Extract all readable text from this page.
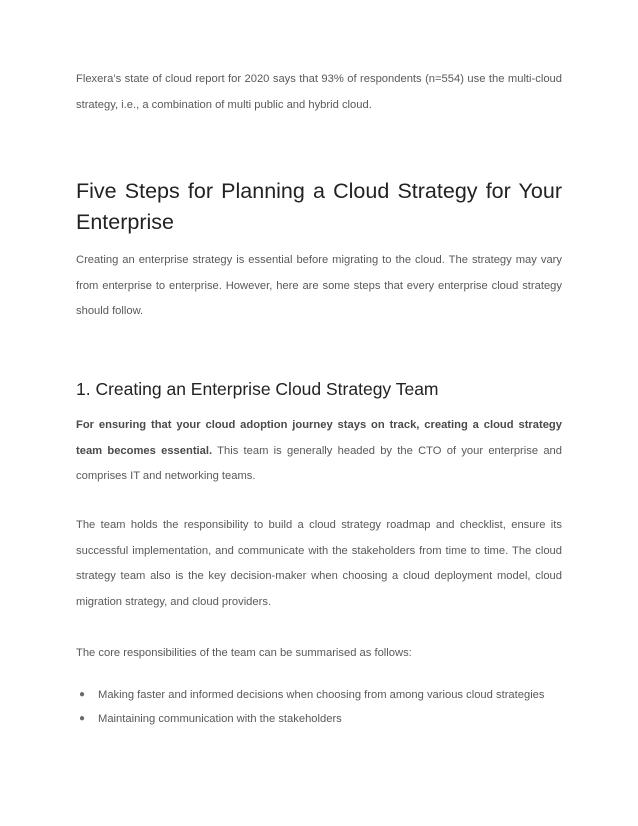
Flexera’s state of cloud report for 2020 says that 93% of respondents (n=554) use the multi-cloud strategy, i.e., a combination of multi public and hybrid cloud.

Five Steps for Planning a Cloud Strategy for Your Enterprise

Creating an enterprise strategy is essential before migrating to the cloud. The strategy may vary from enterprise to enterprise. However, here are some steps that every enterprise cloud strategy should follow.

1. Creating an Enterprise Cloud Strategy Team

For ensuring that your cloud adoption journey stays on track, creating a cloud strategy team becomes essential. This team is generally headed by the CTO of your enterprise and comprises IT and networking teams.

The team holds the responsibility to build a cloud strategy roadmap and checklist, ensure its successful implementation, and communicate with the stakeholders from time to time. The cloud strategy team also is the key decision-maker when choosing a cloud deployment model, cloud migration strategy, and cloud providers.

The core responsibilities of the team can be summarised as follows:

● Making faster and informed decisions when choosing from among various cloud strategies
● Maintaining communication with the stakeholders
